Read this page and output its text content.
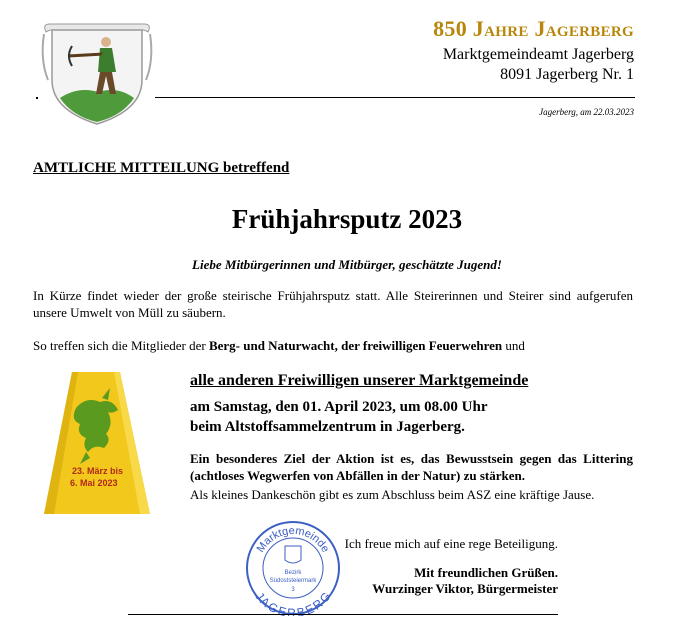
850 Jahre Jagerberg
Marktgemeindeamt Jagerberg
8091 Jagerberg Nr. 1
Jagerberg, am 22.03.2023
AMTLICHE MITTEILUNG betreffend
Frühjahrsputz 2023
Liebe Mitbürgerinnen und Mitbürger, geschätzte Jugend!
In Kürze findet wieder der große steirische Frühjahrsputz statt. Alle Steirerinnen und Steirer sind aufgerufen unsere Umwelt von Müll zu säubern.
So treffen sich die Mitglieder der Berg- und Naturwacht, der freiwilligen Feuerwehren und
23. März bis
6. Mai 2023
alle anderen Freiwilligen unserer Marktgemeinde
am Samstag, den 01. April 2023, um 08.00 Uhr
beim Altstoffsammelzentrum in Jagerberg.
Ein besonderes Ziel der Aktion ist es, das Bewusstsein gegen das Littering (achtloses Wegwerfen von Abfällen in der Natur) zu stärken.
Als kleines Dankeschön gibt es zum Abschluss beim ASZ eine kräftige Jause.
Marktgemeinde
JAGERBERG
Bezirk
Südoststeiermark
3
Ich freue mich auf eine rege Beteiligung.
Mit freundlichen Grüßen.
Wurzinger Viktor, Bürgermeister
